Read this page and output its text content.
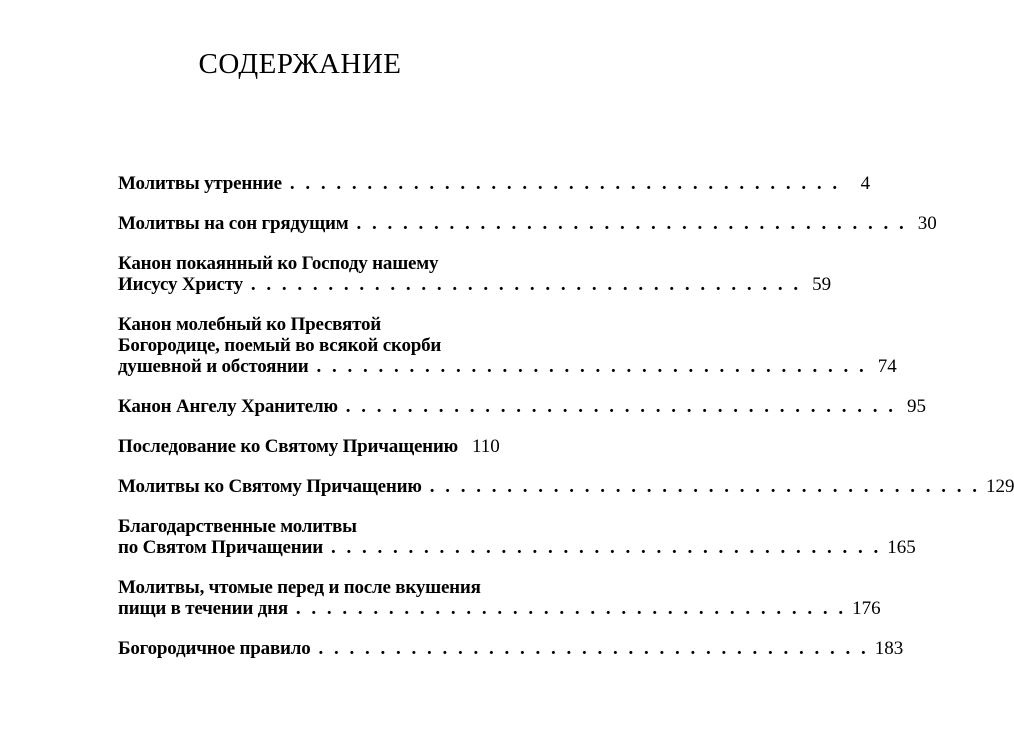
СОДЕРЖАНИЕ
Молитвы утренние . . . . . . . . . . . . . . . . . . . . . . . . . . . . . . . . . . . .	4
Молитвы на сон грядущим . . . . . . . . . . . . . . . . . . . . . . . . . . . . . . . . . . . . 30
Канон покаянный ко Господу нашему
Иисусу Христу . . . . . . . . . . . . . . . . . . . . . . . . . . . . . . . . . . . . 59
Канон молебный ко Пресвятой
Богородице, поемый во всякой скорби
душевной и обстоянии . . . . . . . . . . . . . . . . . . . . . . . . . . . . . . . . . . . . 74
Канон Ангелу Хранителю . . . . . . . . . . . . . . . . . . . . . . . . . . . . . . . . . . . . 95
Последование ко Святому Причащению 110
Молитвы ко Святому Причащению . . . . . . . . . . . . . . . . . . . . . . . . . . . . . . . . . . . . 129
Благодарственные молитвы
по Святом Причащении . . . . . . . . . . . . . . . . . . . . . . . . . . . . . . . . . . . . 165
Молитвы, чтомые перед и после вкушения
пищи в течении дня . . . . . . . . . . . . . . . . . . . . . . . . . . . . . . . . . . . . 176
Богородичное правило . . . . . . . . . . . . . . . . . . . . . . . . . . . . . . . . . . . . 183
